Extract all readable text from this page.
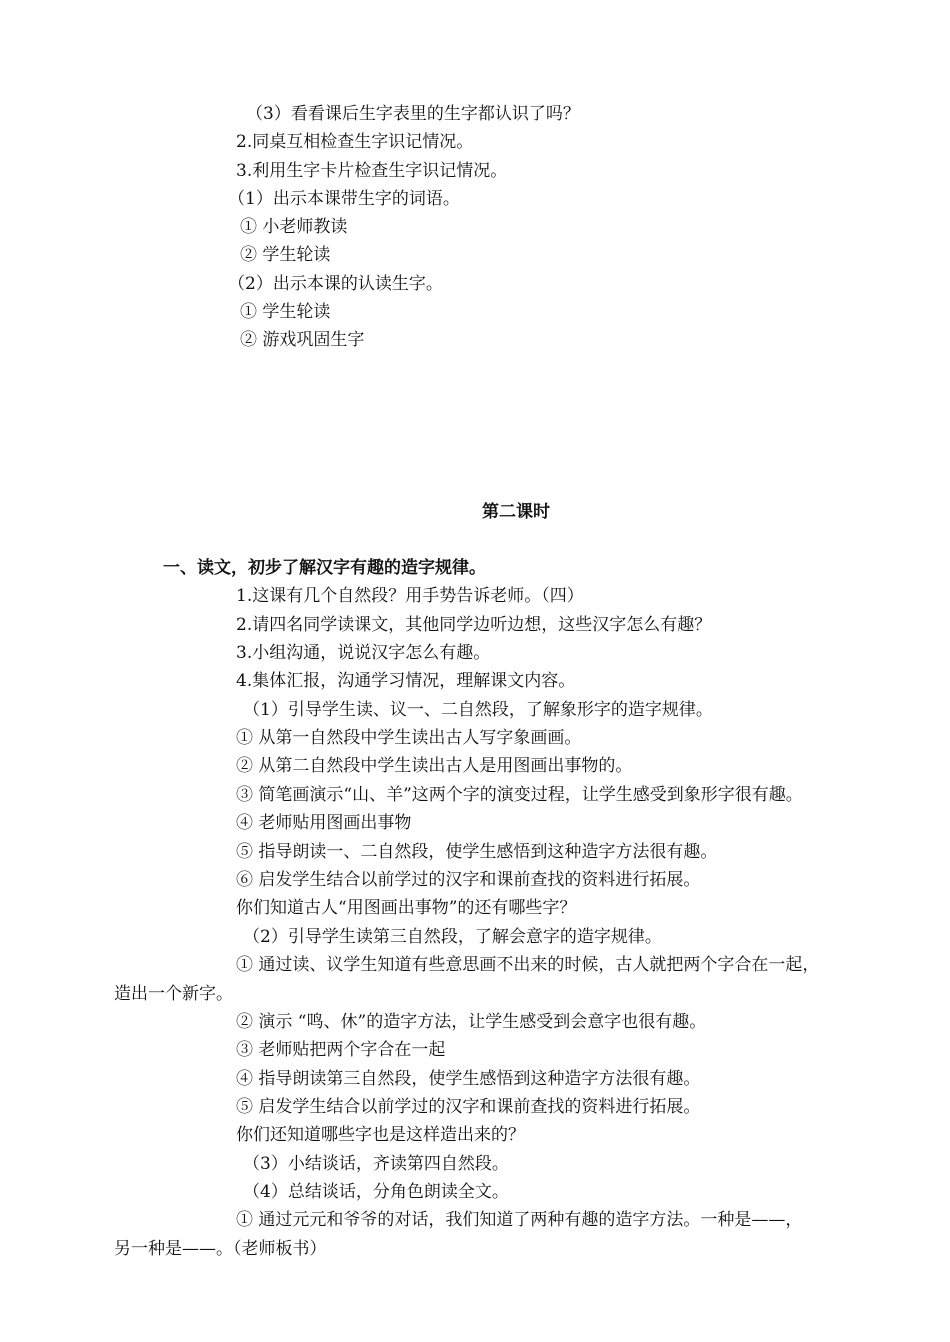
（3）看看课后生字表里的生字都认识了吗？
2.同桌互相检查生字识记情况。
3.利用生字卡片检查生字识记情况。
（1）出示本课带生字的词语。
① 小老师教读
② 学生轮读
（2）出示本课的认读生字。
① 学生轮读
② 游戏巩固生字
第二课时
一、读文，初步了解汉字有趣的造字规律。
1.这课有几个自然段？用手势告诉老师。（四）
2.请四名同学读课文，其他同学边听边想，这些汉字怎么有趣？
3.小组沟通，说说汉字怎么有趣。
4.集体汇报，沟通学习情况，理解课文内容。
（1）引导学生读、议一、二自然段，了解象形字的造字规律。
① 从第一自然段中学生读出古人写字象画画。
② 从第二自然段中学生读出古人是用图画出事物的。
③ 简笔画演示“山、羊”这两个字的演变过程，让学生感受到象形字很有趣。
④ 老师贴用图画出事物
⑤ 指导朗读一、二自然段，使学生感悟到这种造字方法很有趣。
⑥ 启发学生结合以前学过的汉字和课前查找的资料进行拓展。
你们知道古人“用图画出事物”的还有哪些字？
（2）引导学生读第三自然段，了解会意字的造字规律。
① 通过读、议学生知道有些意思画不出来的时候，古人就把两个字合在一起，
造出一个新字。
② 演示 “鸣、休”的造字方法，让学生感受到会意字也很有趣。
③ 老师贴把两个字合在一起
④ 指导朗读第三自然段，使学生感悟到这种造字方法很有趣。
⑤ 启发学生结合以前学过的汉字和课前查找的资料进行拓展。
你们还知道哪些字也是这样造出来的？
（3）小结谈话，齐读第四自然段。
（4）总结谈话，分角色朗读全文。
① 通过元元和爷爷的对话，我们知道了两种有趣的造字方法。一种是——，
另一种是——。（老师板书）
